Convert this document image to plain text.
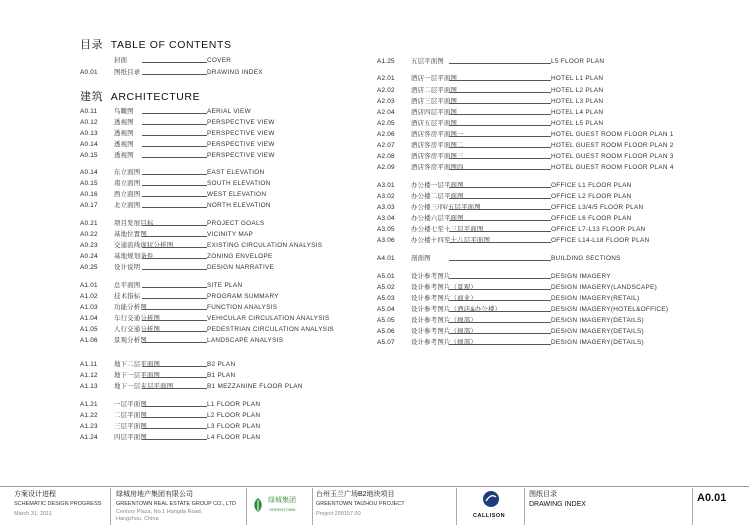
目录 TABLE OF CONTENTS
建筑 ARCHITECTURE
封面	COVER
A0.01	图纸目录	DRAWING INDEX
A0.11	鸟瞰图	AERIAL VIEW
A0.12	透视图	PERSPECTIVE VIEW
A0.13	透视图	PERSPECTIVE VIEW
A0.14	透视图	PERSPECTIVE VIEW
A0.15	透视图	PERSPECTIVE VIEW
A0.14	东立面图	EAST ELEVATION
A0.15	南立面图	SOUTH ELEVATION
A0.16	西立面图	WEST ELEVATION
A0.17	北立面图	NORTH ELEVATION
A0.21	项目发展目标	PROJECT GOALS
A0.22	基地位置图	VICINITY MAP
A0.23	交通流线现状分析图	EXISTING CIRCULATION ANALYSIS
A0.24	基地规划条件	ZONING ENVELOPE
A0.25	设计说明	DESIGN NARRATIVE
A1.01	总平面图	SITE PLAN
A1.02	技术指标	PROGRAM SUMMARY
A1.03	功能分析图	FUNCTION ANALYSIS
A1.04	车行交通分析图	VEHICULAR CIRCULATION ANALYSIS
A1.05	人行交通分析图	PEDESTRIAN CIRCULATION ANALYSIS
A1.06	景观分析图	LANDSCAPE ANALYSIS
A1.11	地下二层平面图	B2 PLAN
A1.12	地下一层平面图	B1 PLAN
A1.13	地下一层夹层平面图	B1 MEZZANINE FLOOR PLAN
A1.21	一层平面图	L1 FLOOR PLAN
A1.22	二层平面图	L2 FLOOR PLAN
A1.23	三层平面图	L3 FLOOR PLAN
A1.24	四层平面图	L4 FLOOR PLAN
A1.25	五层平面图	L5 FLOOR PLAN
A2.01	酒店一层平面图	HOTEL L1 PLAN
A2.02	酒店二层平面图	HOTEL L2 PLAN
A2.03	酒店三层平面图	HOTEL L3 PLAN
A2.04	酒店四层平面图	HOTEL L4 PLAN
A2.05	酒店五层平面图	HOTEL L5 PLAN
A2.06	酒店客房平面图一	HOTEL GUEST ROOM FLOOR PLAN 1
A2.07	酒店客房平面图二	HOTEL GUEST ROOM FLOOR PLAN 2
A2.08	酒店客房平面图三	HOTEL GUEST ROOM FLOOR PLAN 3
A2.09	酒店客房平面图四	HOTEL GUEST ROOM FLOOR PLAN 4
A3.01	办公楼一层平面图	OFFICE L1 FLOOR PLAN
A3.02	办公楼二层平面图	OFFICE L2 FLOOR PLAN
A3.03	办公楼三/四/五层平面图	OFFICE L3/4/5 FLOOR PLAN
A3.04	办公楼六层平面图	OFFICE L6 FLOOR PLAN
A3.05	办公楼七至十三层平面图	OFFICE L7-L13 FLOOR PLAN
A3.06	办公楼十四至十八层平面图	OFFICE L14-L18 FLOOR PLAN
A4.01	剖面图	BUILDING SECTIONS
A5.01	设计参考图片	DESIGN IMAGERY
A5.02	设计参考图片（景观）	DESIGN IMAGERY(LANDSCAPE)
A5.03	设计参考图片（商业）	DESIGN IMAGERY(RETAIL)
A5.04	设计参考图片（酒店&办公楼）	DESIGN IMAGERY(HOTEL&OFFICE)
A5.05	设计参考图片（细部）	DESIGN IMAGERY(DETAILS)
A5.06	设计参考图片（细部）	DESIGN IMAGERY(DETAILS)
A5.07	设计参考图片（细部）	DESIGN IMAGERY(DETAILS)
方案设计进程
SCHEMATIC DESIGN PROGRESS
March 31, 2011
绿城房地产集团有限公司
GREENTOWN REAL ESTATE GROUP CO., LTD
Century Plaza, No.1 Hangda Road,
Hangzhou, China
绿城集团
GREENTOWN
台州玉兰广场B2地块项目
GREENTOWN TAIZHOU PROJECT
Project 209157.00	CALLISON
图纸目录
DRAWING INDEX
A0.01
